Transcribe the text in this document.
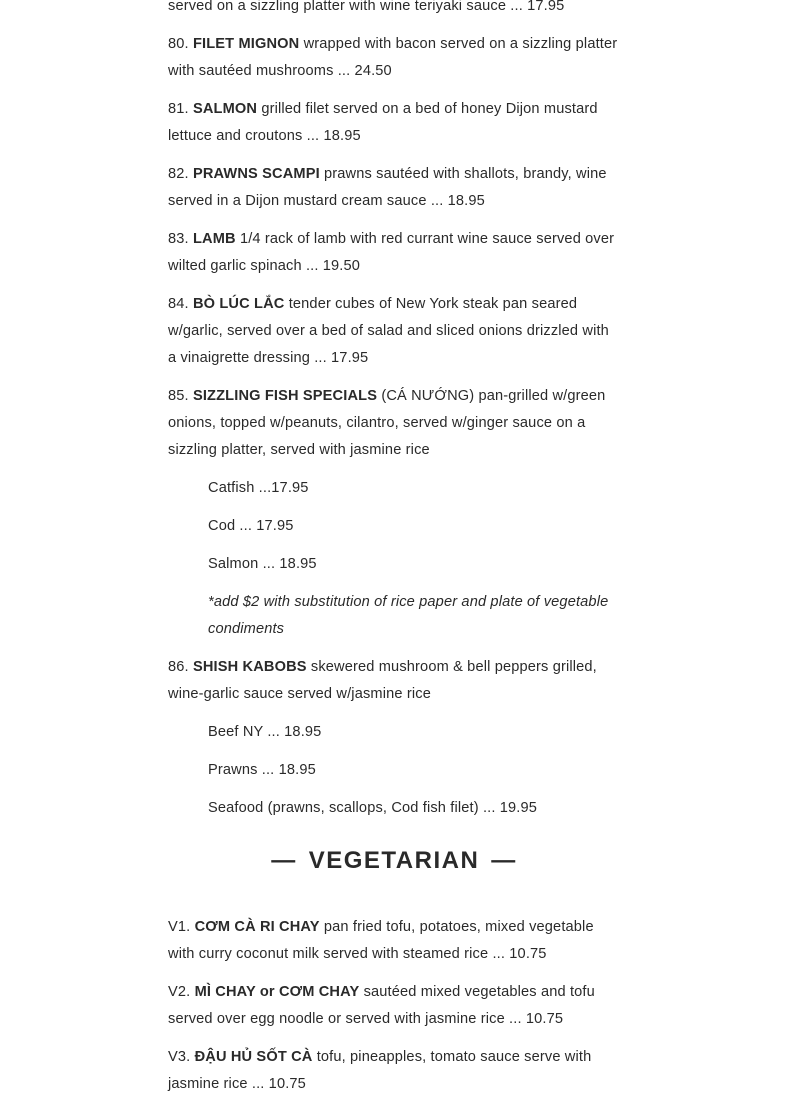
served on a sizzling platter with wine teriyaki sauce ... 17.95

80. FILET MIGNON wrapped with bacon served on a sizzling platter with sautéed mushrooms ... 24.50

81. SALMON grilled filet served on a bed of honey Dijon mustard lettuce and croutons ... 18.95

82. PRAWNS SCAMPI prawns sautéed with shallots, brandy, wine served in a Dijon mustard cream sauce ... 18.95

83. LAMB 1/4 rack of lamb with red currant wine sauce served over wilted garlic spinach ... 19.50

84. BÒ LÚC LẮC tender cubes of New York steak pan seared w/garlic, served over a bed of salad and sliced onions drizzled with a vinaigrette dressing ... 17.95

85. SIZZLING FISH SPECIALS (CÁ NƯỚNG) pan-grilled w/green onions, topped w/peanuts, cilantro, served w/ginger sauce on a sizzling platter, served with jasmine rice

Catfish ...17.95

Cod ... 17.95

Salmon ... 18.95

*add $2 with substitution of rice paper and plate of vegetable condiments

86. SHISH KABOBS skewered mushroom & bell peppers grilled, wine-garlic sauce served w/jasmine rice

Beef NY ... 18.95

Prawns ... 18.95

Seafood (prawns, scallops, Cod fish filet) ... 19.95

— VEGETARIAN —

V1. CƠM CÀ RI CHAY pan fried tofu, potatoes, mixed vegetable with curry coconut milk served with steamed rice ... 10.75

V2. MÌ CHAY or CƠM CHAY sautéed mixed vegetables and tofu served over egg noodle or served with jasmine rice ... 10.75

V3. ĐẬU HỦ SỐT CÀ tofu, pineapples, tomato sauce serve with jasmine rice ... 10.75
